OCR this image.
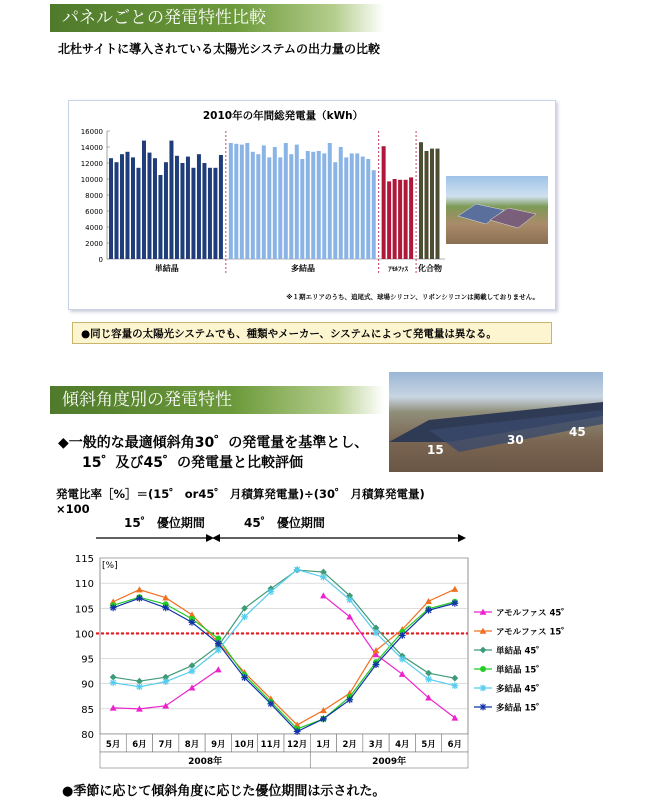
パネルごとの発電特性比較
北杜サイトに導入されている太陽光システムの出力量の比較
2010年の年間総発電量（kWh）
0
2000
4000
6000
8000
10000
12000
14000
16000
単結晶	多結晶	ｱﾓﾙﾌｧｽ 化合物
※１期エリアのうち、追尾式、球場シリコン、リボンシリコンは掲載しておりません。
●同じ容量の太陽光システムでも、種類やメーカー、システムによって発電量は異なる。
傾斜角度別の発電特性
15
30
45
◆一般的な最適傾斜角30゜の発電量を基準とし、
15゜及び45゜の発電量と比較評価
発電比率［%］＝(15゜ or45゜ 月積算発電量)÷(30゜ 月積算発電量)
×100
15゜ 優位期間	45゜ 優位期間
80
85
90
95
100
105
110
115
[%]
5月 6月 7月 8月 9月 10月 11月 12月 1月 2月 3月 4月 5月 6月
2008年	2009年
アモルファス 45゜
アモルファス 15゜
単結晶 45゜
単結晶 15゜
多結晶 45゜
多結晶 15゜
●季節に応じて傾斜角度に応じた優位期間は示された。
